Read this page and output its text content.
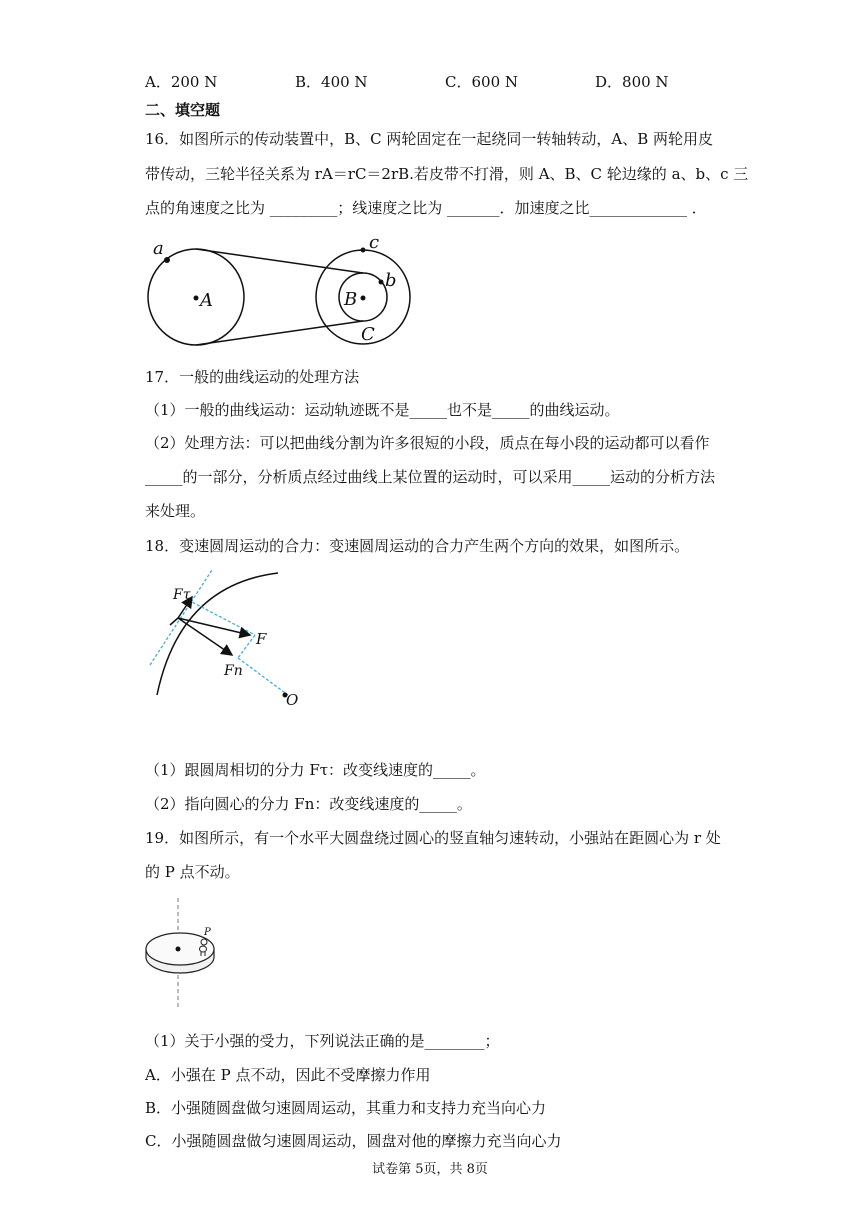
A．200 N	B．400 N	C．600 N	D．800 N
二、填空题
16．如图所示的传动装置中，B、C 两轮固定在一起绕同一转轴转动，A、B 两轮用皮
带传动，三轮半径关系为 rA＝rC＝2rB.若皮带不打滑，则 A、B、C 轮边缘的 a、b、c 三
点的角速度之比为 _________；线速度之比为 _______．加速度之比_____________ ．
a
A
c
b
B
C
17．一般的曲线运动的处理方法
（1）一般的曲线运动：运动轨迹既不是_____也不是_____的曲线运动。
（2）处理方法：可以把曲线分割为许多很短的小段，质点在每小段的运动都可以看作
_____的一部分，分析质点经过曲线上某位置的运动时，可以采用_____运动的分析方法
来处理。
18．变速圆周运动的合力：变速圆周运动的合力产生两个方向的效果，如图所示。
Fτ
F
Fn
O
（1）跟圆周相切的分力 Fτ：改变线速度的_____。
（2）指向圆心的分力 Fn：改变线速度的_____。
19．如图所示，有一个水平大圆盘绕过圆心的竖直轴匀速转动，小强站在距圆心为 r 处
的 P 点不动。
P
（1）关于小强的受力，下列说法正确的是________；
A．小强在 P 点不动，因此不受摩擦力作用
B．小强随圆盘做匀速圆周运动，其重力和支持力充当向心力
C．小强随圆盘做匀速圆周运动，圆盘对他的摩擦力充当向心力
试卷第 5页，共 8页
